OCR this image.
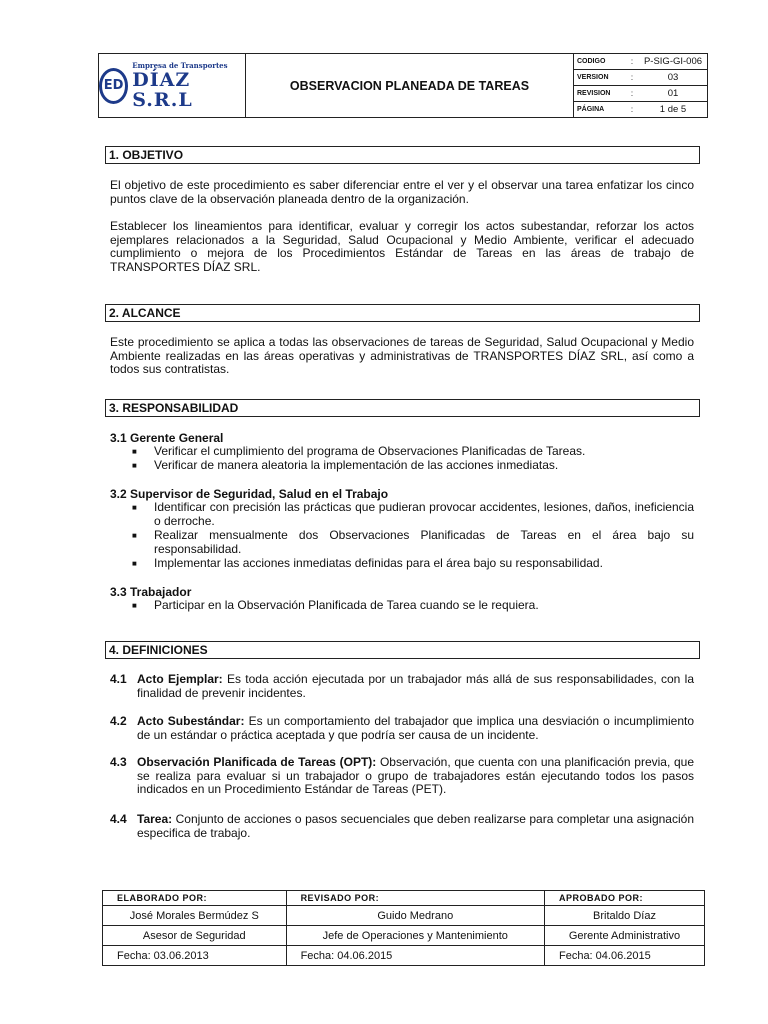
ED
Empresa de Transportes
DÍAZ S.R.L
OBSERVACION PLANEADA DE TAREAS
CODIGO	:	P-SIG-GI-006
VERSION	:	03
REVISION	:	01
PÁGINA	:	1 de 5
1. OBJETIVO

El objetivo de este procedimiento es saber diferenciar entre el ver y el observar una tarea enfatizar los cinco puntos clave de la observación planeada dentro de la organización.

Establecer los lineamientos para identificar, evaluar y corregir los actos subestandar, reforzar los actos ejemplares relacionados a la Seguridad, Salud Ocupacional y Medio Ambiente, verificar el adecuado cumplimiento o mejora de los Procedimientos Estándar de Tareas en las áreas de trabajo de TRANSPORTES DÍAZ SRL.

2. ALCANCE

Este procedimiento se aplica a todas las observaciones de tareas de Seguridad, Salud Ocupacional y Medio Ambiente realizadas en las áreas operativas y administrativas de TRANSPORTES DÍAZ SRL, así como a todos sus contratistas.

3. RESPONSABILIDAD
3.1 Gerente General
■	Verificar el cumplimiento del programa de Observaciones Planificadas de Tareas.
■	Verificar de manera aleatoria la implementación de las acciones inmediatas.
3.2 Supervisor de Seguridad, Salud en el Trabajo
■	Identificar con precisión las prácticas que pudieran provocar accidentes, lesiones, daños, ineficiencia o derroche.
■	Realizar mensualmente dos Observaciones Planificadas de Tareas en el área bajo su responsabilidad.
■	Implementar las acciones inmediatas definidas para el área bajo su responsabilidad.
3.3 Trabajador
■	Participar en la Observación Planificada de Tarea cuando se le requiera.
4. DEFINICIONES
4.1 Acto Ejemplar: Es toda acción ejecutada por un trabajador más allá de sus responsabilidades, con la finalidad de prevenir incidentes.
4.2 Acto Subestándar: Es un comportamiento del trabajador que implica una desviación o incumplimiento de un estándar o práctica aceptada y que podría ser causa de un incidente.
4.3 Observación Planificada de Tareas (OPT): Observación, que cuenta con una planificación previa, que se realiza para evaluar si un trabajador o grupo de trabajadores están ejecutando todos los pasos indicados en un Procedimiento Estándar de Tareas (PET).
4.4 Tarea: Conjunto de acciones o pasos secuenciales que deben realizarse para completar una asignación especifica de trabajo.
ELABORADO POR:	REVISADO POR:	APROBADO POR:
José Morales Bermúdez S	Guido Medrano	Britaldo Díaz
Asesor de Seguridad	Jefe de Operaciones y Mantenimiento	Gerente Administrativo
Fecha: 03.06.2013	Fecha: 04.06.2015	Fecha: 04.06.2015
